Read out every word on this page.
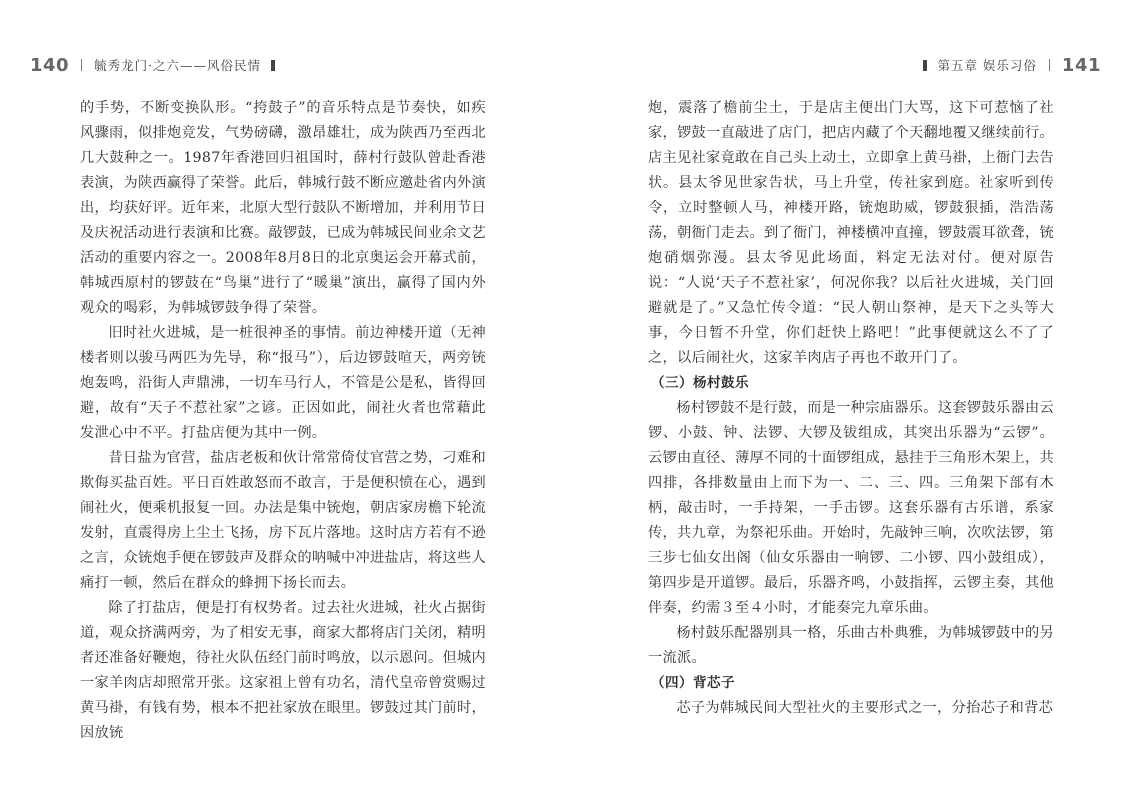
140 毓秀龙门·之六——风俗民情

的手势，不断变换队形。“挎鼓子”的音乐特点是节奏快，如疾风骤雨，似排炮竞发，气势磅礴，激昂雄壮，成为陕西乃至西北几大鼓种之一。1987年香港回归祖国时，薛村行鼓队曾赴香港表演，为陕西赢得了荣誉。此后，韩城行鼓不断应邀赴省内外演出，均获好评。近年来，北原大型行鼓队不断增加，并利用节日及庆祝活动进行表演和比赛。敲锣鼓，已成为韩城民间业余文艺活动的重要内容之一。2008年8月8日的北京奥运会开幕式前，韩城西原村的锣鼓在“鸟巢”进行了“暖巢”演出，赢得了国内外观众的喝彩，为韩城锣鼓争得了荣誉。

旧时社火进城，是一桩很神圣的事情。前边神楼开道（无神楼者则以骏马两匹为先导，称“报马”），后边锣鼓喧天，两旁铳炮轰鸣，沿街人声鼎沸，一切车马行人，不管是公是私，皆得回避，故有“天子不惹社家”之谚。正因如此，闹社火者也常藉此发泄心中不平。打盐店便为其中一例。

昔日盐为官营，盐店老板和伙计常常倚仗官营之势，刁难和欺侮买盐百姓。平日百姓敢怒而不敢言，于是便积愤在心，遇到闹社火，便乘机报复一回。办法是集中铳炮，朝店家房檐下轮流发射，直震得房上尘土飞扬，房下瓦片落地。这时店方若有不逊之言，众铳炮手便在锣鼓声及群众的呐喊中冲进盐店，将这些人痛打一顿，然后在群众的蜂拥下扬长而去。

除了打盐店，便是打有权势者。过去社火进城，社火占据街道，观众挤满两旁，为了相安无事，商家大都将店门关闭，精明者还准备好鞭炮，待社火队伍经门前时鸣放，以示恩问。但城内一家羊肉店却照常开张。这家祖上曾有功名，清代皇帝曾赏赐过黄马褂，有钱有势，根本不把社家放在眼里。锣鼓过其门前时，因放铳

第五章 娱乐习俗 141

炮，震落了檐前尘土，于是店主便出门大骂，这下可惹恼了社家，锣鼓一直敲进了店门，把店内藏了个天翻地覆又继续前行。店主见社家竟敢在自己头上动土，立即拿上黄马褂，上衙门去告状。县太爷见世家告状，马上升堂，传社家到庭。社家听到传令，立时整顿人马，神楼开路，铳炮助威，锣鼓狠插，浩浩荡荡，朝衙门走去。到了衙门，神楼横冲直撞，锣鼓震耳欲聋，铳炮硝烟弥漫。县太爷见此场面，料定无法对付。便对原告说：“人说‘天子不惹社家’，何况你我？以后社火进城，关门回避就是了。”又急忙传令道：“民人朝山祭神，是天下之头等大事，今日暂不升堂，你们赶快上路吧！”此事便就这么不了了之，以后闹社火，这家羊肉店子再也不敢开门了。

（三）杨村鼓乐

杨村锣鼓不是行鼓，而是一种宗庙器乐。这套锣鼓乐器由云锣、小鼓、钟、法锣、大锣及钹组成，其突出乐器为“云锣”。云锣由直径、薄厚不同的十面锣组成，悬挂于三角形木架上，共四排，各排数量由上而下为一、二、三、四。三角架下部有木柄，敲击时，一手持架，一手击锣。这套乐器有古乐谱，系家传，共九章，为祭祀乐曲。开始时，先敲钟三响，次吹法锣，第三步七仙女出阁（仙女乐器由一响锣、二小锣、四小鼓组成），第四步是开道锣。最后，乐器齐鸣，小鼓指挥，云锣主奏，其他伴奏，约需３至４小时，才能奏完九章乐曲。

杨村鼓乐配器别具一格，乐曲古朴典雅，为韩城锣鼓中的另一流派。

（四）背芯子

芯子为韩城民间大型社火的主要形式之一，分抬芯子和背芯
